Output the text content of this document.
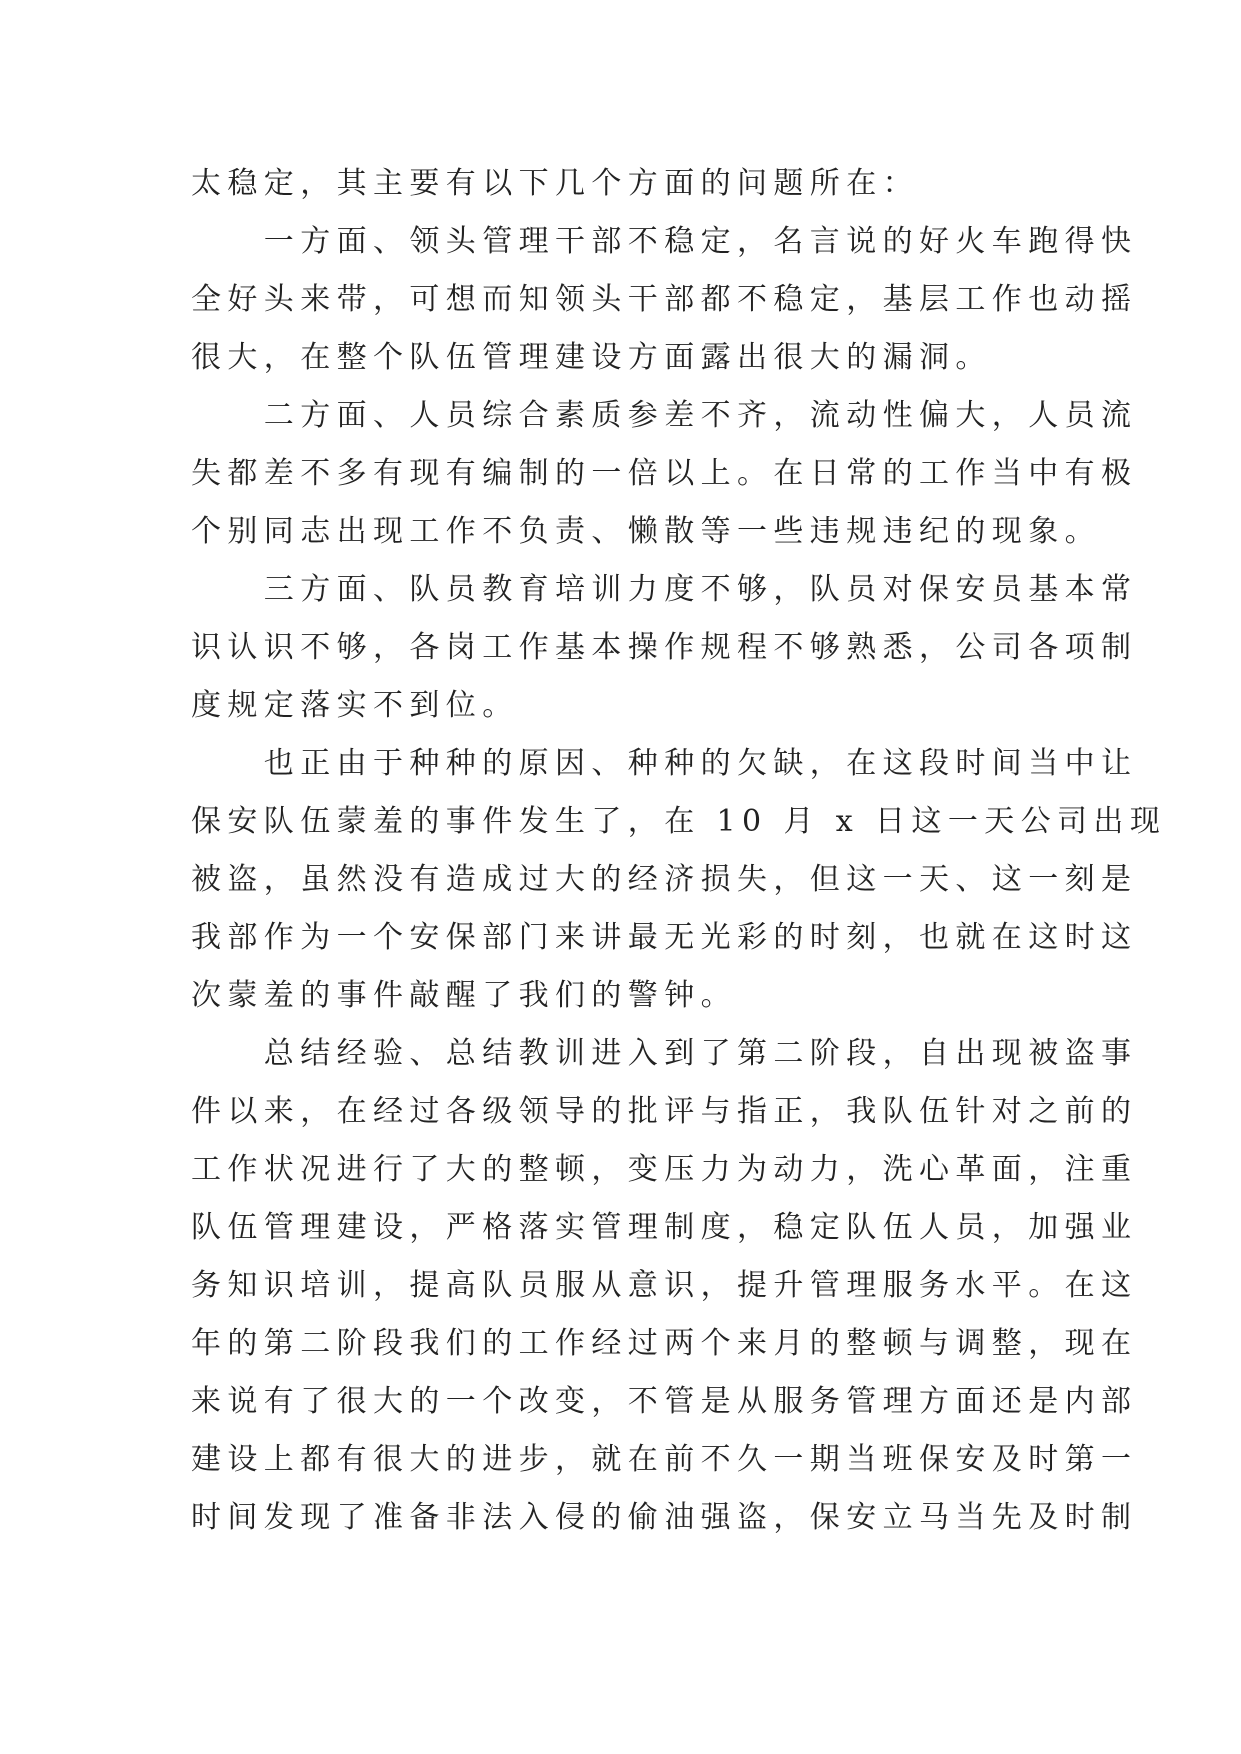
太稳定，其主要有以下几个方面的问题所在：
　　一方面、领头管理干部不稳定，名言说的好火车跑得快
全好头来带，可想而知领头干部都不稳定，基层工作也动摇
很大，在整个队伍管理建设方面露出很大的漏洞。
　　二方面、人员综合素质参差不齐，流动性偏大，人员流
失都差不多有现有编制的一倍以上。在日常的工作当中有极
个别同志出现工作不负责、懒散等一些违规违纪的现象。
　　三方面、队员教育培训力度不够，队员对保安员基本常
识认识不够，各岗工作基本操作规程不够熟悉，公司各项制
度规定落实不到位。
　　也正由于种种的原因、种种的欠缺，在这段时间当中让
保安队伍蒙羞的事件发生了，在 10 月 x 日这一天公司出现
被盗，虽然没有造成过大的经济损失，但这一天、这一刻是
我部作为一个安保部门来讲最无光彩的时刻，也就在这时这
次蒙羞的事件敲醒了我们的警钟。
　　总结经验、总结教训进入到了第二阶段，自出现被盗事
件以来，在经过各级领导的批评与指正，我队伍针对之前的
工作状况进行了大的整顿，变压力为动力，洗心革面，注重
队伍管理建设，严格落实管理制度，稳定队伍人员，加强业
务知识培训，提高队员服从意识，提升管理服务水平。在这
年的第二阶段我们的工作经过两个来月的整顿与调整，现在
来说有了很大的一个改变，不管是从服务管理方面还是内部
建设上都有很大的进步，就在前不久一期当班保安及时第一
时间发现了准备非法入侵的偷油强盗，保安立马当先及时制
